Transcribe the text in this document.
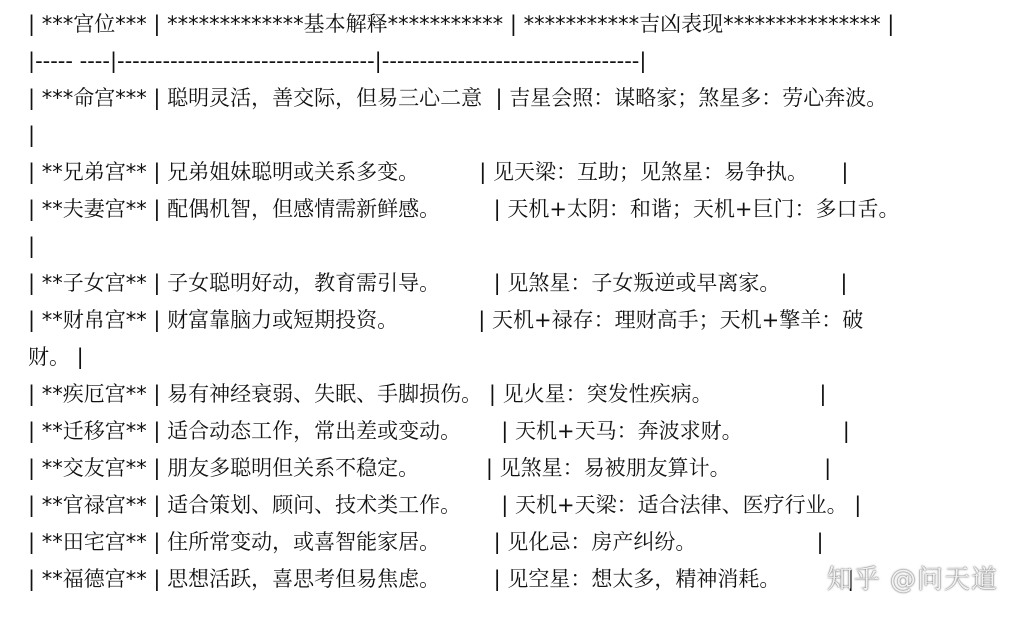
| ***宫位*** | *************基本解释*********** | ***********吉凶表现*************** |
|----- ----|----------------------------------|----------------------------------|
| ***命宫*** | 聪明灵活，善交际，但易三心二意  | 吉星会照：谋略家；煞星多：劳心奔波。
|
| **兄弟宫** | 兄弟姐妹聪明或关系多变。         | 见天梁：互助；见煞星：易争执。     |
| **夫妻宫** | 配偶机智，但感情需新鲜感。        | 天机+太阴：和谐；天机+巨门：多口舌。
|
| **子女宫** | 子女聪明好动，教育需引导。        | 见煞星：子女叛逆或早离家。         |
| **财帛宫** | 财富靠脑力或短期投资。            | 天机+禄存：理财高手；天机+擎羊：破
财。 |
| **疾厄宫** | 易有神经衰弱、失眠、手脚损伤。 | 见火星：突发性疾病。                |
| **迁移宫** | 适合动态工作，常出差或变动。      | 天机+天马：奔波求财。               |
| **交友宫** | 朋友多聪明但关系不稳定。          | 见煞星：易被朋友算计。              |
| **官禄宫** | 适合策划、顾问、技术类工作。      | 天机+天梁：适合法律、医疗行业。 |
| **田宅宫** | 住所常变动，或喜智能家居。        | 见化忌：房产纠纷。                  |
| **福德宫** | 思想活跃，喜思考但易焦虑。        | 见空星：想太多，精神消耗。          |
知乎 @问天道
